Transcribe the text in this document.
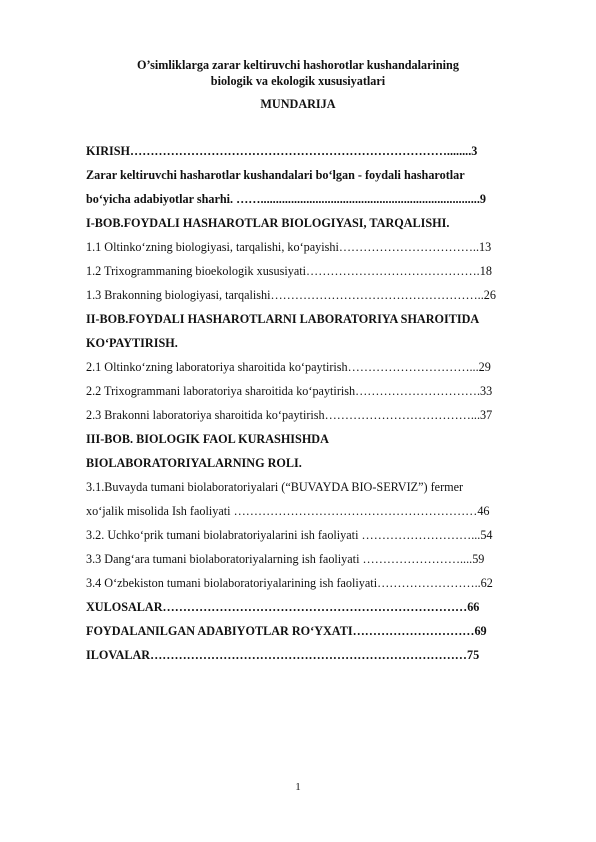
O’simliklarga zarar keltiruvchi hashorotlar kushandalarining
biologik va ekologik xususiyatlari
MUNDARIJA
KIRISH……………………………………………………………………........3
Zarar keltiruvchi hasharotlar kushandalari bo‘lgan - foydali hasharotlar
bo‘yicha adabiyotlar sharhi. ……........................................................................9
I-BOB.FOYDALI HASHAROTLAR BIOLOGIYASI, TARQALISHI.
1.1 Oltinko‘zning biologiyasi, tarqalishi, ko‘payishi……………………………..13
1.2 Trixogrammaning bioekologik xususiyati…………………………………….18
1.3 Brakonning biologiyasi, tarqalishi……………………………………………..26
II-BOB.FOYDALI HASHAROTLARNI LABORATORIYA SHAROITIDA
KO‘PAYTIRISH.
2.1 Oltinko‘zning laboratoriya sharoitida ko‘paytirish…………………………...29
2.2 Trixogrammani laboratoriya sharoitida ko‘paytirish………………………….33
2.3 Brakonni laboratoriya sharoitida ko‘paytirish………………………………...37
III-BOB. BIOLOGIK FAOL KURASHISHDA
BIOLABORATORIYALARNING ROLI.
3.1.Buvayda tumani biolaboratoriyalari (“BUVAYDA BIO-SERVIZ”) fermer
xo‘jalik misolida Ish faoliyati ……………………………………………………46
3.2. Uchko‘prik tumani biolabratoriyalarini ish faoliyati ………………………...54
3.3 Dang‘ara tumani biolaboratoriyalarning ish faoliyati ……………………....59
3.4 O‘zbekiston tumani biolaboratoriyalarining ish faoliyati……………………..62
XULOSALAR…………………………………………………………………66
FOYDALANILGAN ADABIYOTLAR RO‘YXATI…………………………69
ILOVALAR……………………………………………………………………75
1
